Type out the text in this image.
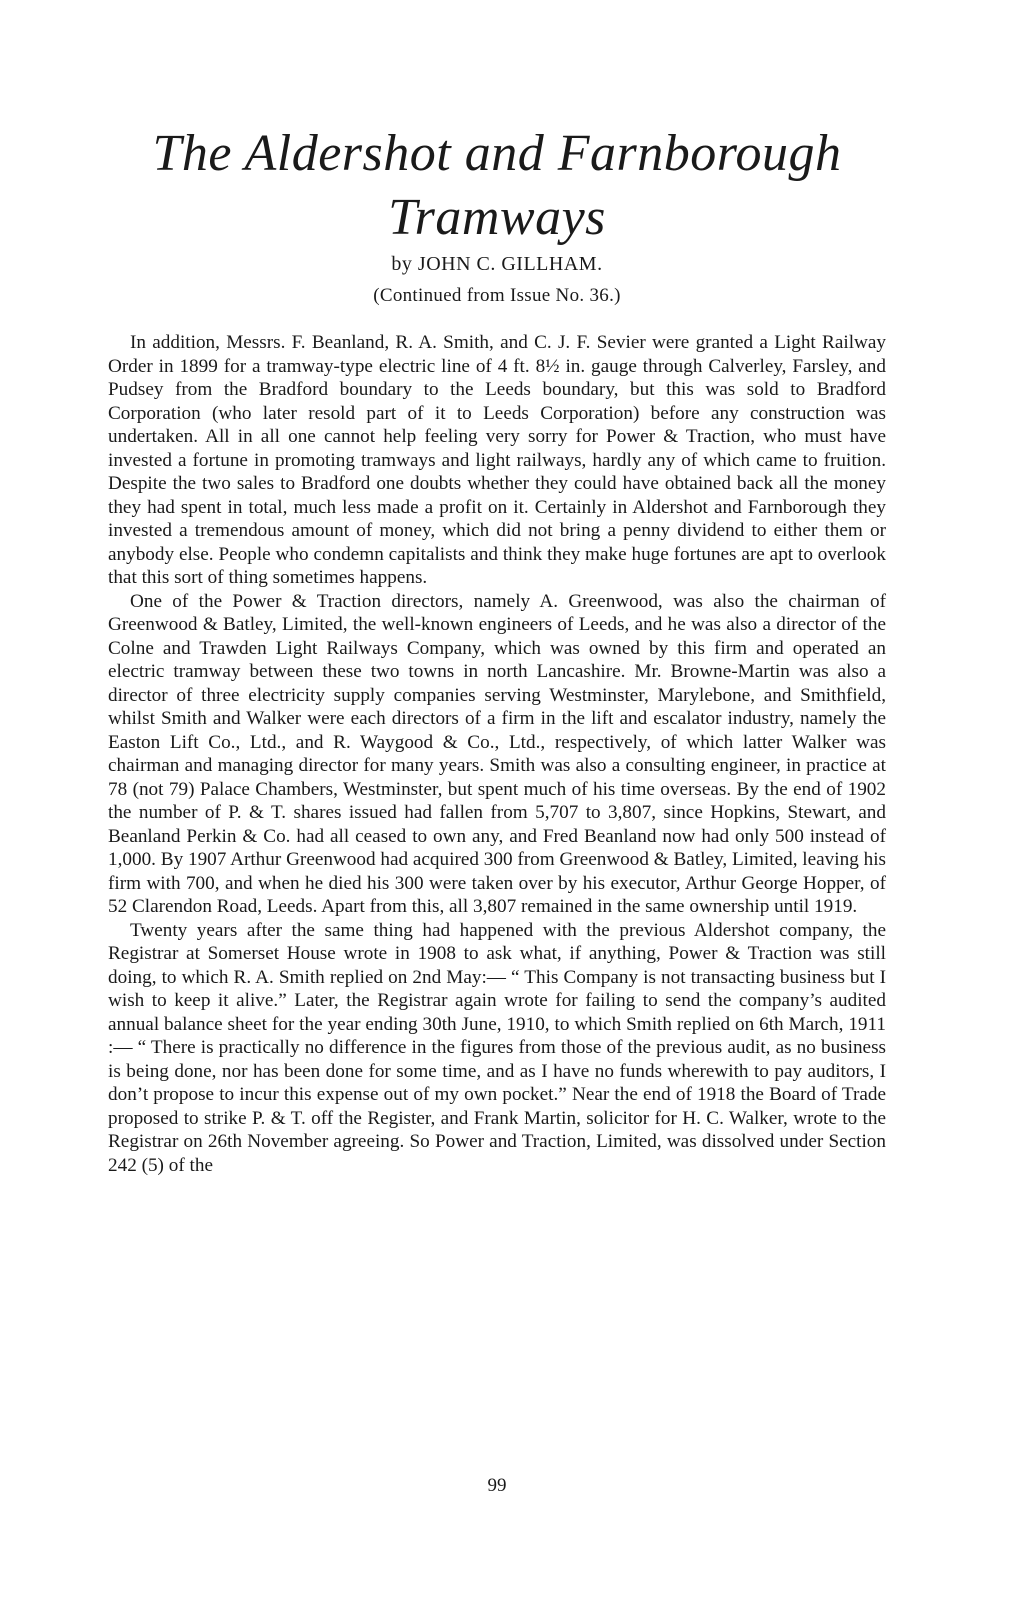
The Aldershot and Farnborough
Tramways
by JOHN C. GILLHAM.
(Continued from Issue No. 36.)

In addition, Messrs. F. Beanland, R. A. Smith, and C. J. F. Sevier were granted a Light Railway Order in 1899 for a tramway-type electric line of 4 ft. 8½ in. gauge through Calverley, Farsley, and Pudsey from the Bradford boundary to the Leeds boundary, but this was sold to Bradford Corporation (who later resold part of it to Leeds Corporation) before any construction was undertaken. All in all one cannot help feeling very sorry for Power & Traction, who must have invested a fortune in promoting tramways and light railways, hardly any of which came to fruition. Despite the two sales to Bradford one doubts whether they could have obtained back all the money they had spent in total, much less made a profit on it. Certainly in Aldershot and Farnborough they invested a tremendous amount of money, which did not bring a penny dividend to either them or anybody else. People who condemn capitalists and think they make huge fortunes are apt to overlook that this sort of thing sometimes happens.

One of the Power & Traction directors, namely A. Greenwood, was also the chairman of Greenwood & Batley, Limited, the well-known engineers of Leeds, and he was also a director of the Colne and Trawden Light Railways Company, which was owned by this firm and operated an electric tramway between these two towns in north Lancashire. Mr. Browne-Martin was also a director of three electricity supply companies serving Westminster, Marylebone, and Smithfield, whilst Smith and Walker were each directors of a firm in the lift and escalator industry, namely the Easton Lift Co., Ltd., and R. Waygood & Co., Ltd., respectively, of which latter Walker was chairman and managing director for many years. Smith was also a consulting engineer, in practice at 78 (not 79) Palace Chambers, Westminster, but spent much of his time overseas. By the end of 1902 the number of P. & T. shares issued had fallen from 5,707 to 3,807, since Hopkins, Stewart, and Beanland Perkin & Co. had all ceased to own any, and Fred Beanland now had only 500 instead of 1,000. By 1907 Arthur Greenwood had acquired 300 from Greenwood & Batley, Limited, leaving his firm with 700, and when he died his 300 were taken over by his executor, Arthur George Hopper, of 52 Clarendon Road, Leeds. Apart from this, all 3,807 remained in the same ownership until 1919.

Twenty years after the same thing had happened with the previous Aldershot company, the Registrar at Somerset House wrote in 1908 to ask what, if anything, Power & Traction was still doing, to which R. A. Smith replied on 2nd May:— “ This Company is not transacting business but I wish to keep it alive.” Later, the Registrar again wrote for failing to send the company’s audited annual balance sheet for the year ending 30th June, 1910, to which Smith replied on 6th March, 1911 :— “ There is practically no difference in the figures from those of the previous audit, as no business is being done, nor has been done for some time, and as I have no funds wherewith to pay auditors, I don’t propose to incur this expense out of my own pocket.” Near the end of 1918 the Board of Trade proposed to strike P. & T. off the Register, and Frank Martin, solicitor for H. C. Walker, wrote to the Registrar on 26th November agreeing. So Power and Traction, Limited, was dissolved under Section 242 (5) of the

99
